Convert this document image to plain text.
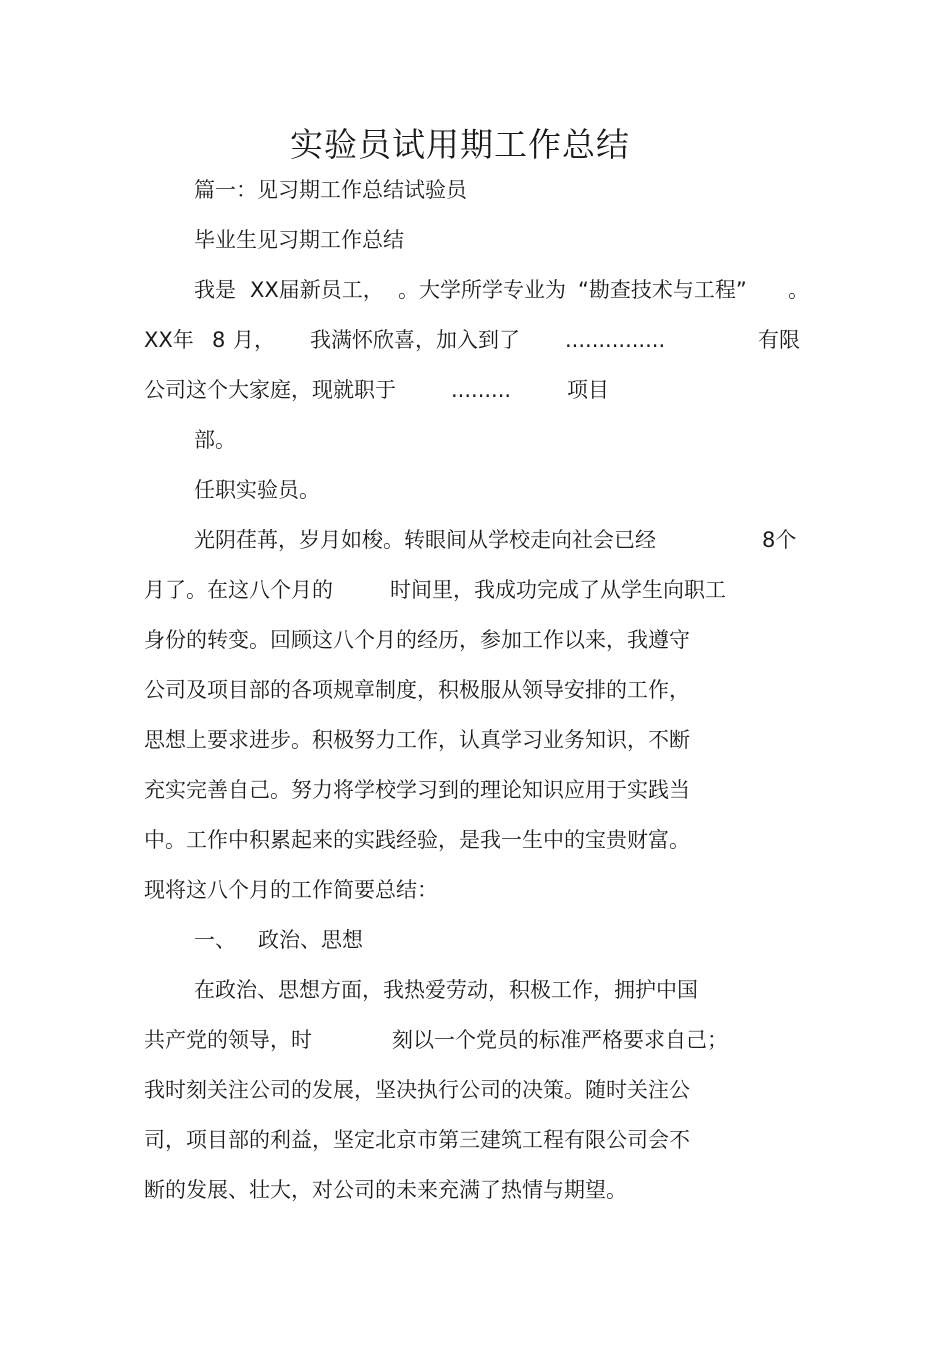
实验员试用期工作总结

篇一：见习期工作总结试验员

毕业生见习期工作总结

我是 XX届新员工， 。大学所学专业为 “勘查技术与工程” 。
XX年 8 月， 我满怀欣喜，加入到了 ...............	有限
公司这个大家庭，现就职于	.........	项目

部。

任职实验员。

光阴荏苒，岁月如梭。转眼间从学校走向社会已经	8个
月了。在这八个月的	时间里，我成功完成了从学生向职工

身份的转变。回顾这八个月的经历，参加工作以来，我遵守

公司及项目部的各项规章制度，积极服从领导安排的工作，

思想上要求进步。积极努力工作，认真学习业务知识，不断

充实完善自己。努力将学校学习到的理论知识应用于实践当

中。工作中积累起来的实践经验，是我一生中的宝贵财富。

现将这八个月的工作简要总结：

一、 政治、思想

在政治、思想方面，我热爱劳动，积极工作，拥护中国

共产党的领导，时	刻以一个党员的标准严格要求自己；

我时刻关注公司的发展，坚决执行公司的决策。随时关注公

司，项目部的利益，坚定北京市第三建筑工程有限公司会不

断的发展、壮大，对公司的未来充满了热情与期望。
